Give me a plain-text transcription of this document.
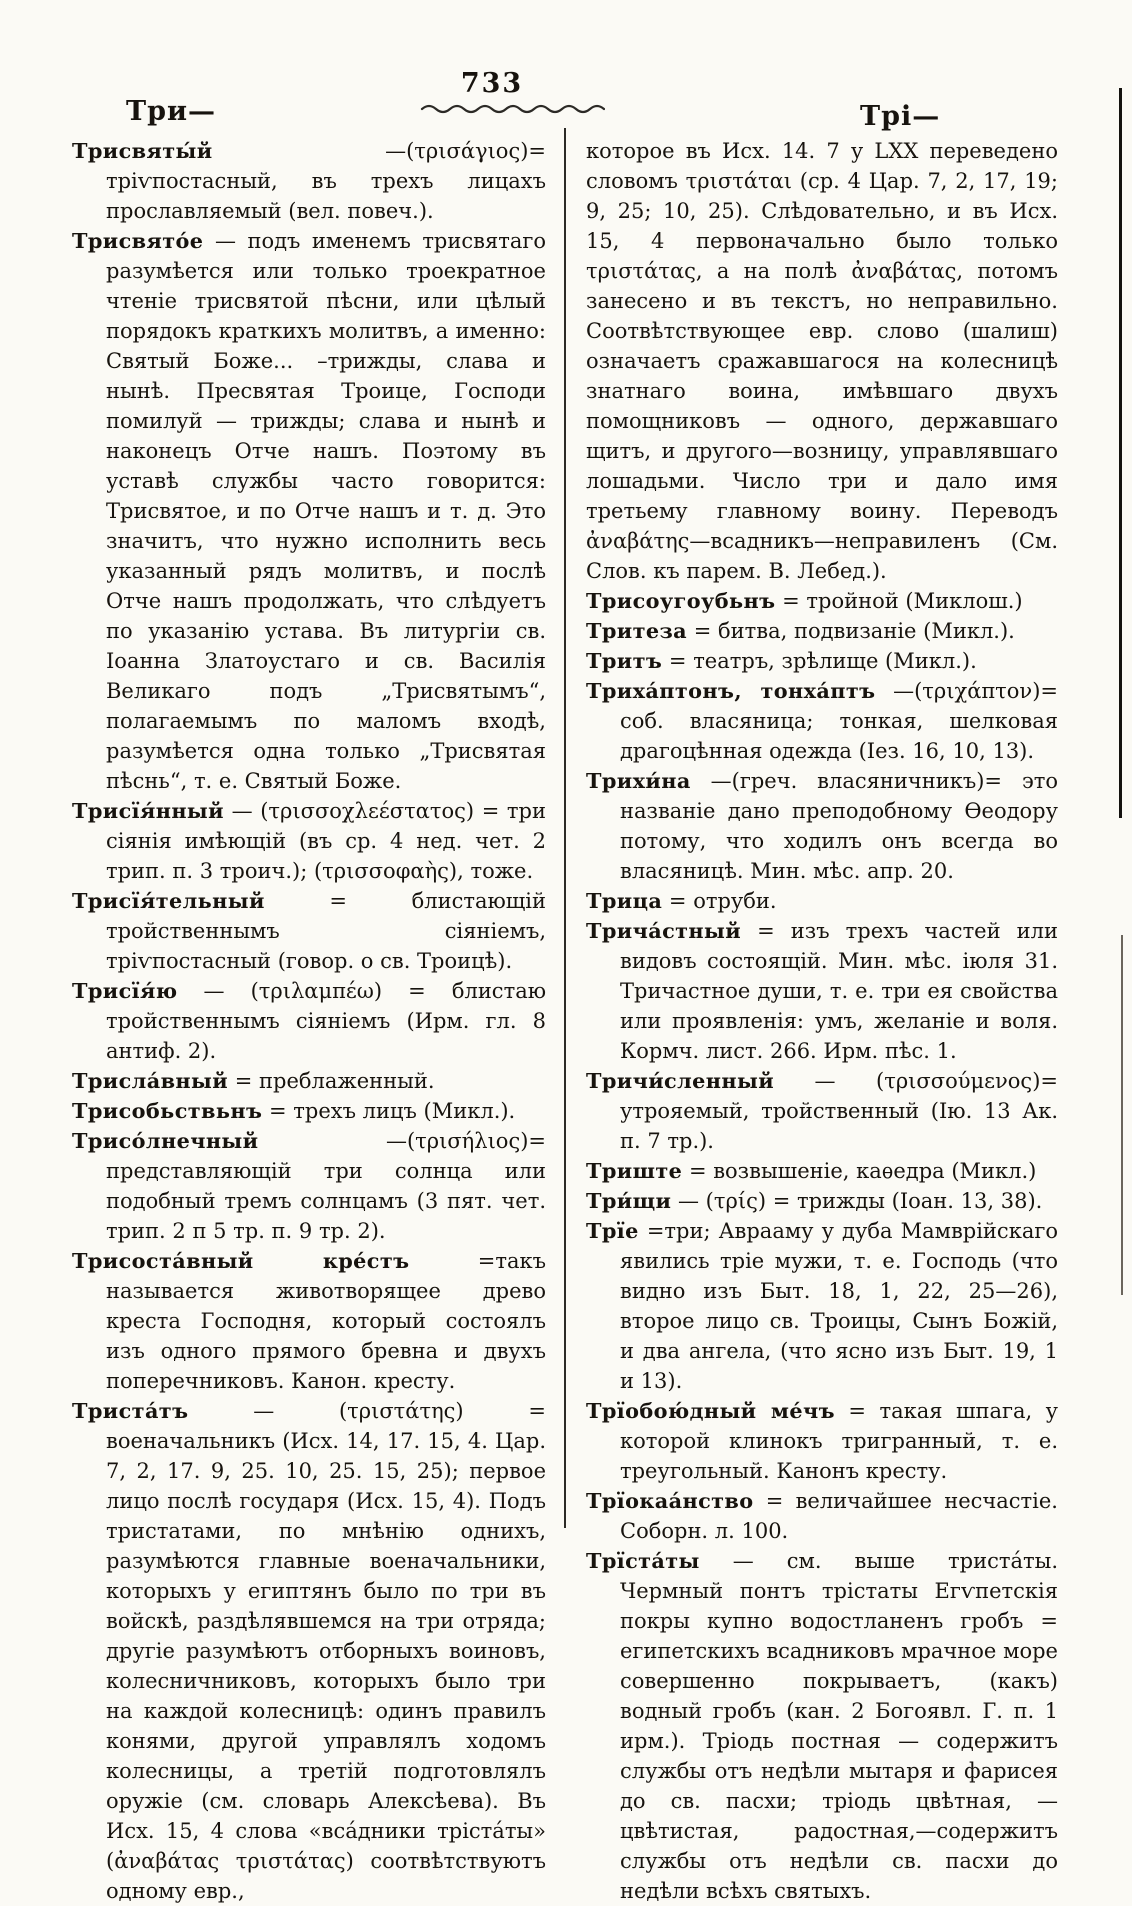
733
Три—	Трі—

Трисвяты́й	—(τρισάγιος)= тріѵпостасный, въ трехъ лицахъ прославляемый (вел. повеч.).

Трисвято́е — подъ именемъ трисвятаго разумѣется или только троекратное чтеніе трисвятой пѣсни, или цѣлый порядокъ краткихъ молитвъ, а именно: Святый Боже... –трижды, слава и нынѣ. Пресвятая Троице, Господи помилуй — трижды; слава и нынѣ и наконецъ Отче нашъ. Поэтому въ уставѣ службы часто говорится: Трисвятое, и по Отче нашъ и т. д. Это значитъ, что нужно исполнить весь указанный рядъ молитвъ, и послѣ Отче нашъ продолжать, что слѣдуетъ по указанію устава. Въ литургіи св. Іоанна Златоустаго и св. Василія Великаго подъ „Трисвятымъ“, полагаемымъ по маломъ входѣ, разумѣется одна только „Трисвятая пѣснь“, т. е. Святый Боже.

Трисїя́нный — (τρισσοχλεέστατος) = три сіянія имѣющій (въ ср. 4 нед. чет. 2 трип. п. 3 троич.); (τρισσοφαὴς), тоже.

Трисїя́тельный	= блистающій тройственнымъ сіяніемъ, тріѵпостасный (говор. о св. Троицѣ).

Трисїя́ю — (τριλαμπέω) = блистаю тройственнымъ сіяніемъ (Ирм. гл. 8 антиф. 2).

Трисла́вный = преблаженный.

Трисобьствьнъ = трехъ лицъ (Микл.).

Трисо́лнечный	—(τρισήλιος)= представляющій три солнца или подобный тремъ солнцамъ (3 пят. чет. трип. 2 п 5 тр. п. 9 тр. 2).

Трисоста́вный кре́стъ	=такъ называется животворящее древо креста Господня, который состоялъ изъ одного прямого бревна и двухъ поперечниковъ. Канон. кресту.

Триста́тъ	— (τριστάτης) = военачальникъ (Исх. 14, 17. 15, 4. Цар. 7, 2, 17. 9, 25. 10, 25. 15, 25); первое лицо послѣ государя (Исх. 15, 4). Подъ тристатами, по мнѣнію однихъ, разумѣются главные военачальники, которыхъ у египтянъ было по три въ войскѣ, раздѣлявшемся на три отряда; другіе разумѣютъ отборныхъ воиновъ, колесничниковъ, которыхъ было три на каждой колесницѣ: одинъ правилъ конями, другой управлялъ ходомъ колесницы, а третій подготовлялъ оружіе (см. словарь Алексѣева). Въ Исх. 15, 4 слова «вса́дники тріста́ты» (ἀναβάτας τριστάτας) соотвѣтствуютъ одному евр.,

которое въ Исх. 14. 7 у LXX переведено словомъ τριστάται (ср. 4 Цар. 7, 2, 17, 19; 9, 25; 10, 25). Слѣдовательно, и въ Исх. 15, 4 первоначально было только τριστάτας, а на полѣ ἀναβάτας, потомъ занесено и въ текстъ, но неправильно. Соотвѣтствующее евр. слово (шалиш) означаетъ сражавшагося на колесницѣ знатнаго воина, имѣвшаго двухъ помощниковъ — одного, державшаго щитъ, и другого—возницу, управлявшаго лошадьми. Число три и дало имя третьему главному воину. Переводъ ἀναβάτης—всадникъ—неправиленъ (См. Слов. къ парем. В. Лебед.).

Трисоугоубьнъ = тройной (Миклош.)

Тритеза = битва, подвизаніе (Микл.).

Тритъ = театръ, зрѣлище (Микл.).

Триха́птонъ, тонха́птъ —(τριχάπτον)= соб. власяница; тонкая, шелковая драгоцѣнная одежда (Іез. 16, 10, 13).

Трихи́на —(греч. власяничникъ)= это названіе дано преподобному Ѳеодору потому, что ходилъ онъ всегда во власяницѣ. Мин. мѣс. апр. 20.

Трица = отруби.

Трича́стный = изъ трехъ частей или видовъ состоящій. Мин. мѣс. іюля 31. Тричастное души, т. е. три ея свойства или проявленія: умъ, желаніе и воля. Кормч. лист. 266. Ирм. пѣс. 1.

Тричи́сленный — (τρισσούμενος)= утрояемый, тройственный (Ію. 13 Ак. п. 7 тр.).

Триште = возвышеніе, каѳедра (Микл.)

Три́щи — (τρίς) = трижды (Іоан. 13, 38).

Трїе =три; Аврааму у дуба Мамврійскаго явились тріе мужи, т. е. Господь (что видно изъ Быт. 18, 1, 22, 25—26), второе лицо св. Троицы, Сынъ Божій, и два ангела, (что ясно изъ Быт. 19, 1 и 13).

Трїобою́дный ме́чъ = такая шпага, у которой клинокъ тригранный, т. е. треугольный. Канонъ кресту.

Трїокаа́нство = величайшее несчастіе. Соборн. л. 100.

Трїста́ты — см. выше триста́ты. Чермный понтъ трістаты Егѵпетскія покры купно водостланенъ гробъ = египетскихъ всадниковъ мрачное море совершенно покрываетъ, (какъ) водный гробъ (кан. 2 Богоявл. Г. п. 1 ирм.). Тріодь постная — содержитъ службы отъ недѣли мытаря и фарисея до св. пасхи; тріодь цвѣтная, — цвѣтистая, радостная,—содержитъ службы отъ недѣли св. пасхи до недѣли всѣхъ святыхъ.
